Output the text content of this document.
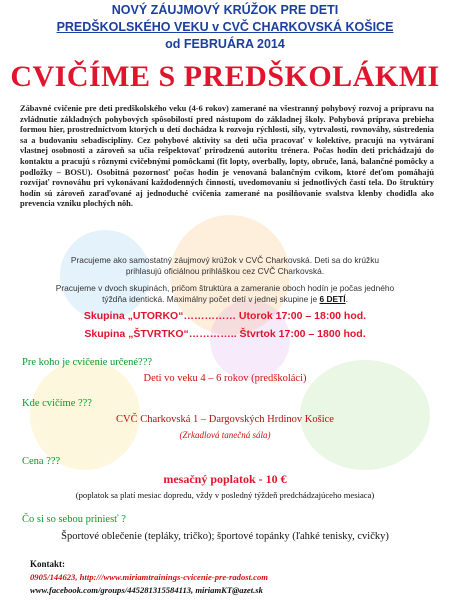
NOVÝ ZÁUJMOVÝ KRÚŽOK PRE DETI
PREDŠKOLSKÉHO VEKU v CVČ CHARKOVSKÁ KOŠICE
od FEBRUÁRA 2014
CVIČÍME S PREDŠKOLÁKMI
Zábavné cvičenie pre deti predškolského veku (4-6 rokov) zamerané na všestranný pohybový rozvoj a prípravu na zvládnutie základných pohybových spôsobilostí pred nástupom do základnej školy. Pohybová príprava prebieha formou hier, prostredníctvom ktorých u detí dochádza k rozvoju rýchlosti, sily, vytrvalosti, rovnováhy, sústredenia sa a budovaniu sebadisciplíny. Cez pohybové aktivity sa deti učia pracovať v kolektíve, pracujú na vytváraní vlastnej osobnosti a zároveň sa učia rešpektovať prirodzenú autoritu trénera. Počas hodín deti prichádzajú do kontaktu a pracujú s rôznymi cvičebnými pomôckami (fit lopty, overbally, lopty, obruče, laná, balančné pomôcky a podložky – BOSU). Osobitná pozornosť počas hodín je venovaná balančným cvikom, ktoré deťom pomáhajú rozvíjať rovnováhu pri vykonávaní každodenných činností, uvedomovaniu si jednotlivých častí tela. Do štruktúry hodín sú zároveň zaraďované aj jednoduché cvičenia zamerané na posilňovanie svalstva klenby chodidla ako prevencia vzniku plochých nôh.
Pracujeme ako samostatný záujmový krúžok v CVČ Charkovská. Deti sa do krúžku
prihlasujú oficiálnou prihláškou cez CVČ Charkovská.
Pracujeme v dvoch skupinách, pričom štruktúra a zameranie oboch hodín je počas jedného
týždňa identická. Maximálny počet detí v jednej skupine je 6 DETÍ.
Skupina „UTORKO“…………… Utorok 17:00 – 18:00 hod.
Skupina „ŠTVRTKO“………….. Štvrtok 17:00 – 1800 hod.
Pre koho je cvičenie určené???
Deti vo veku 4 – 6 rokov (predškoláci)
Kde cvičíme ???
CVČ Charkovská 1 – Dargovských Hrdinov Košice
(Zrkadlová tanečná sála)
Cena ???
mesačný poplatok - 10 €
(poplatok sa platí mesiac dopredu, vždy v posledný týždeň predchádzajúceho mesiaca)
Čo si so sebou priniesť ?
Športové oblečenie (tepláky, tričko); športové topánky (ľahké tenisky, cvičky)
Kontakt:
0905/144623, http:///www.miriamtrainings-cvicenie-pre-radost.com
www.facebook.com/groups/445281315584113, miriamKT@azet.sk
